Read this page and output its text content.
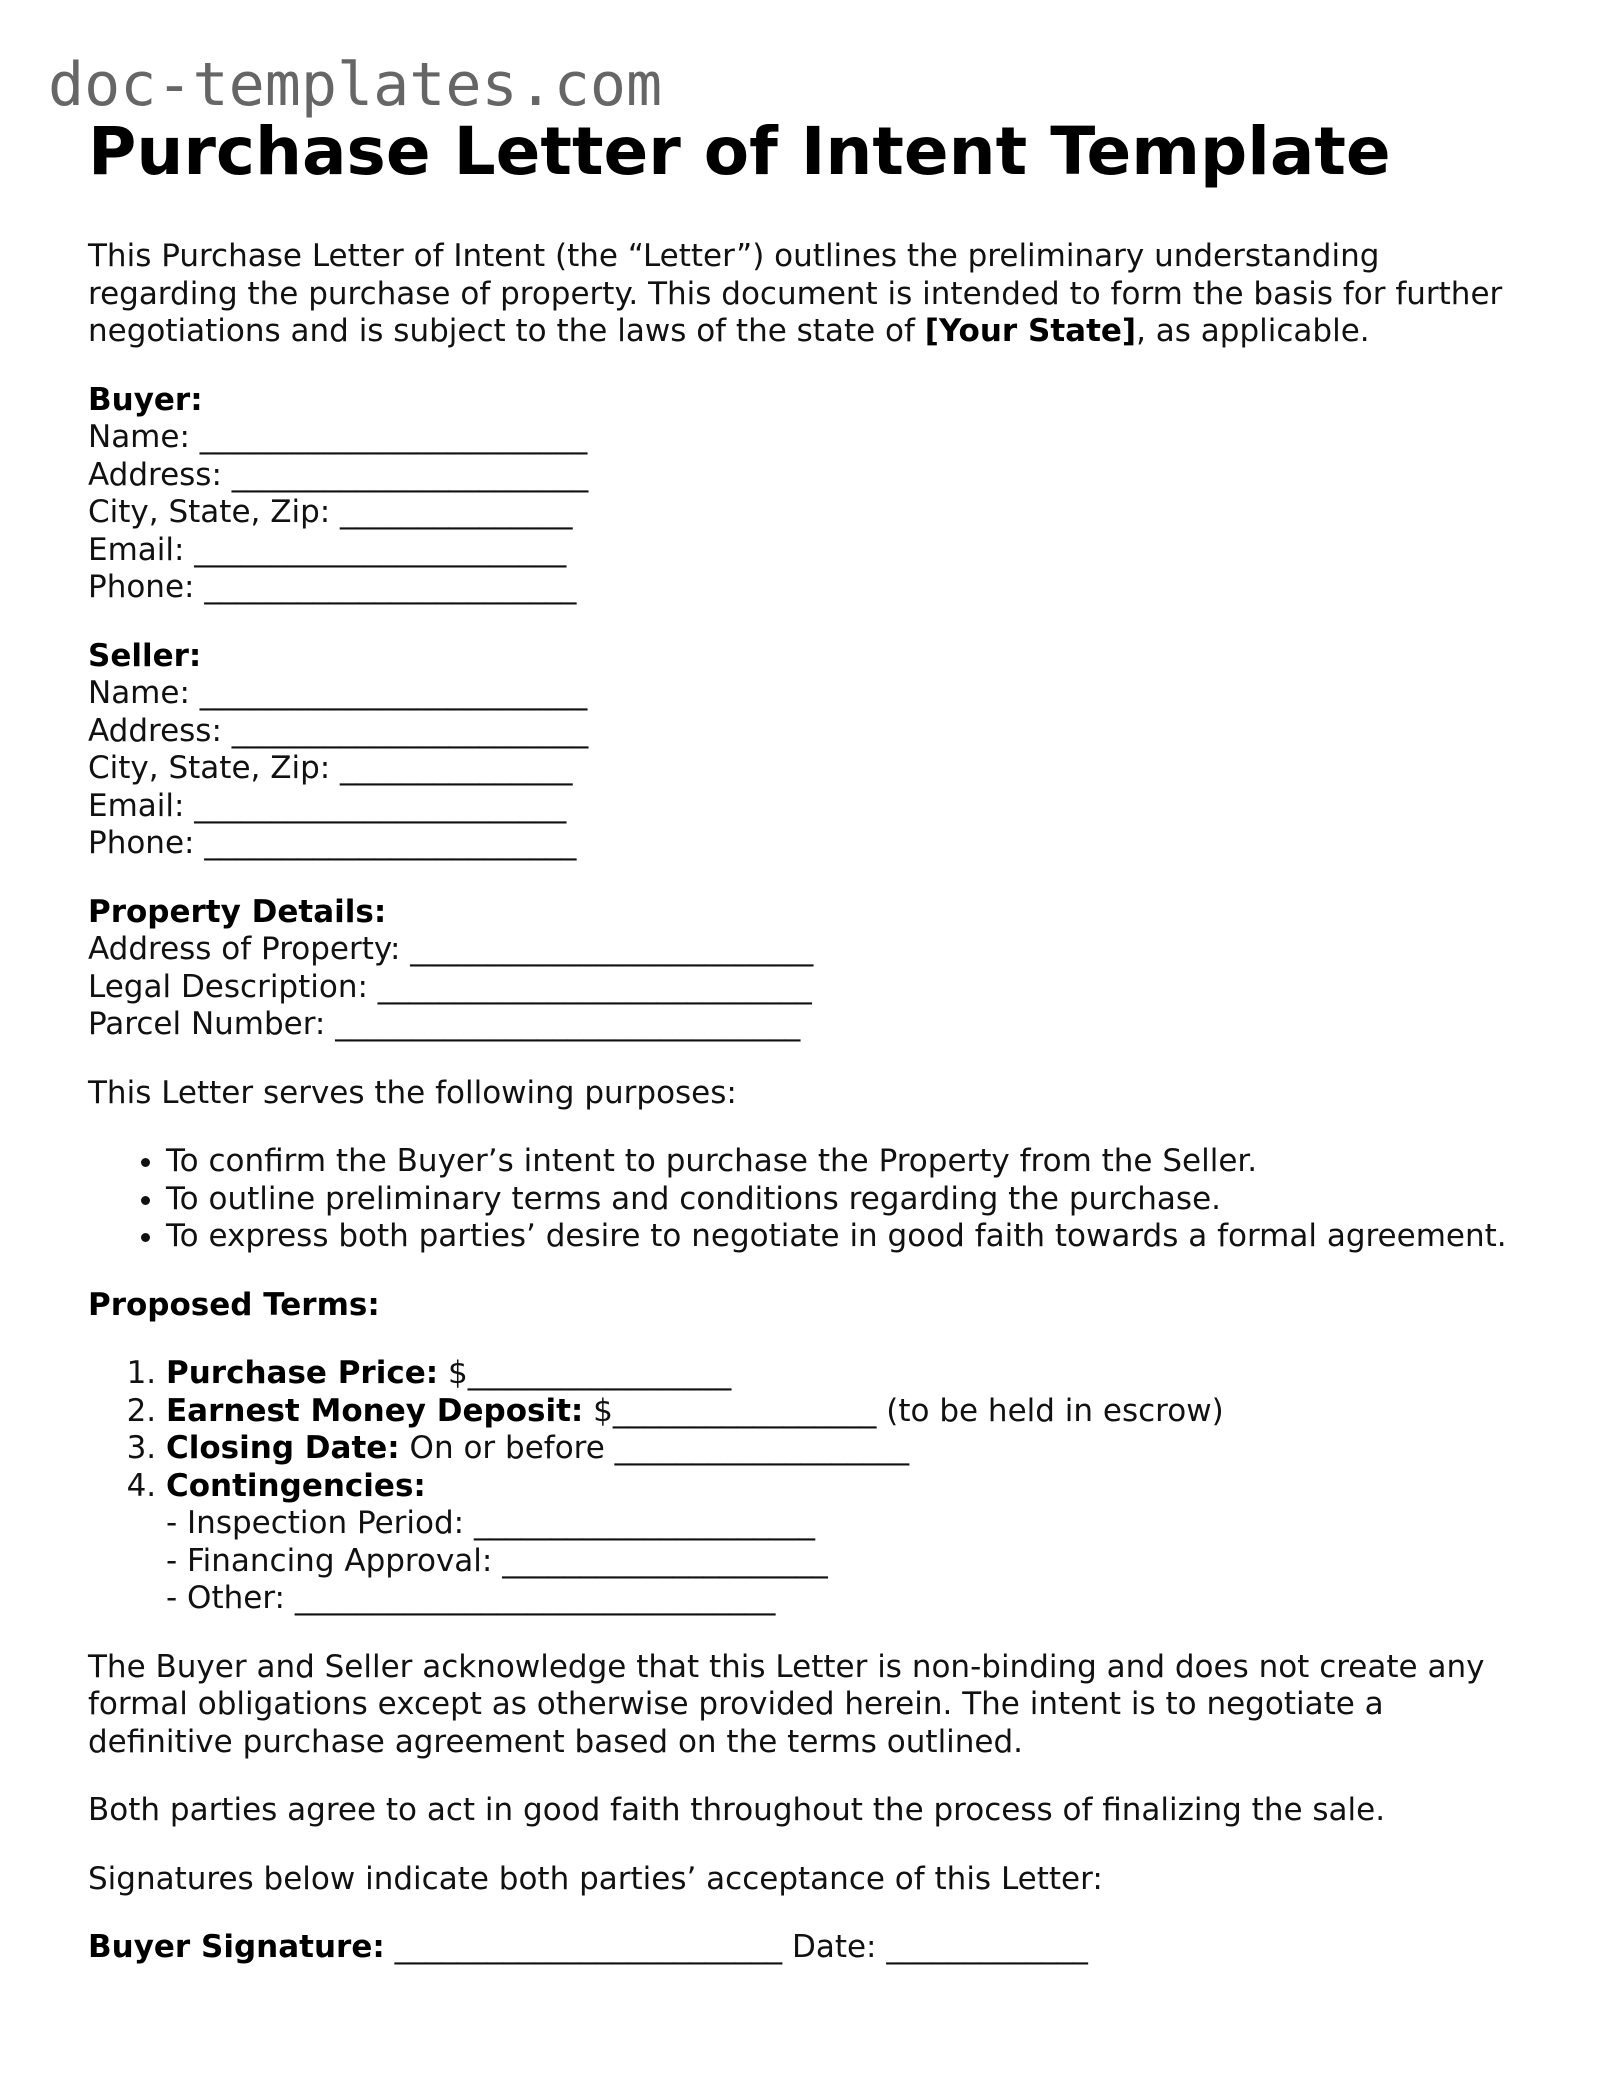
doc-templates.com
Purchase Letter of Intent Template

This Purchase Letter of Intent (the “Letter”) outlines the preliminary understanding regarding the purchase of property. This document is intended to form the basis for further negotiations and is subject to the laws of the state of [Your State], as applicable.

Buyer:
Name: _________________________
Address: _______________________
City, State, Zip: _______________
Email: ________________________
Phone: ________________________
Seller:
Name: _________________________
Address: _______________________
City, State, Zip: _______________
Email: ________________________
Phone: ________________________
Property Details:
Address of Property: __________________________
Legal Description: ____________________________
Parcel Number: ______________________________

This Letter serves the following purposes:

• To confirm the Buyer’s intent to purchase the Property from the Seller.
• To outline preliminary terms and conditions regarding the purchase.
• To express both parties’ desire to negotiate in good faith towards a formal agreement.

Proposed Terms:

1. Purchase Price: $_________________
2. Earnest Money Deposit: $_________________ (to be held in escrow)
3. Closing Date: On or before ___________________
4. Contingencies:
- Inspection Period: ______________________
- Financing Approval: _____________________
- Other: _______________________________

The Buyer and Seller acknowledge that this Letter is non-binding and does not create any formal obligations except as otherwise provided herein. The intent is to negotiate a definitive purchase agreement based on the terms outlined.

Both parties agree to act in good faith throughout the process of finalizing the sale.

Signatures below indicate both parties’ acceptance of this Letter:

Buyer Signature: _________________________ Date: _____________
